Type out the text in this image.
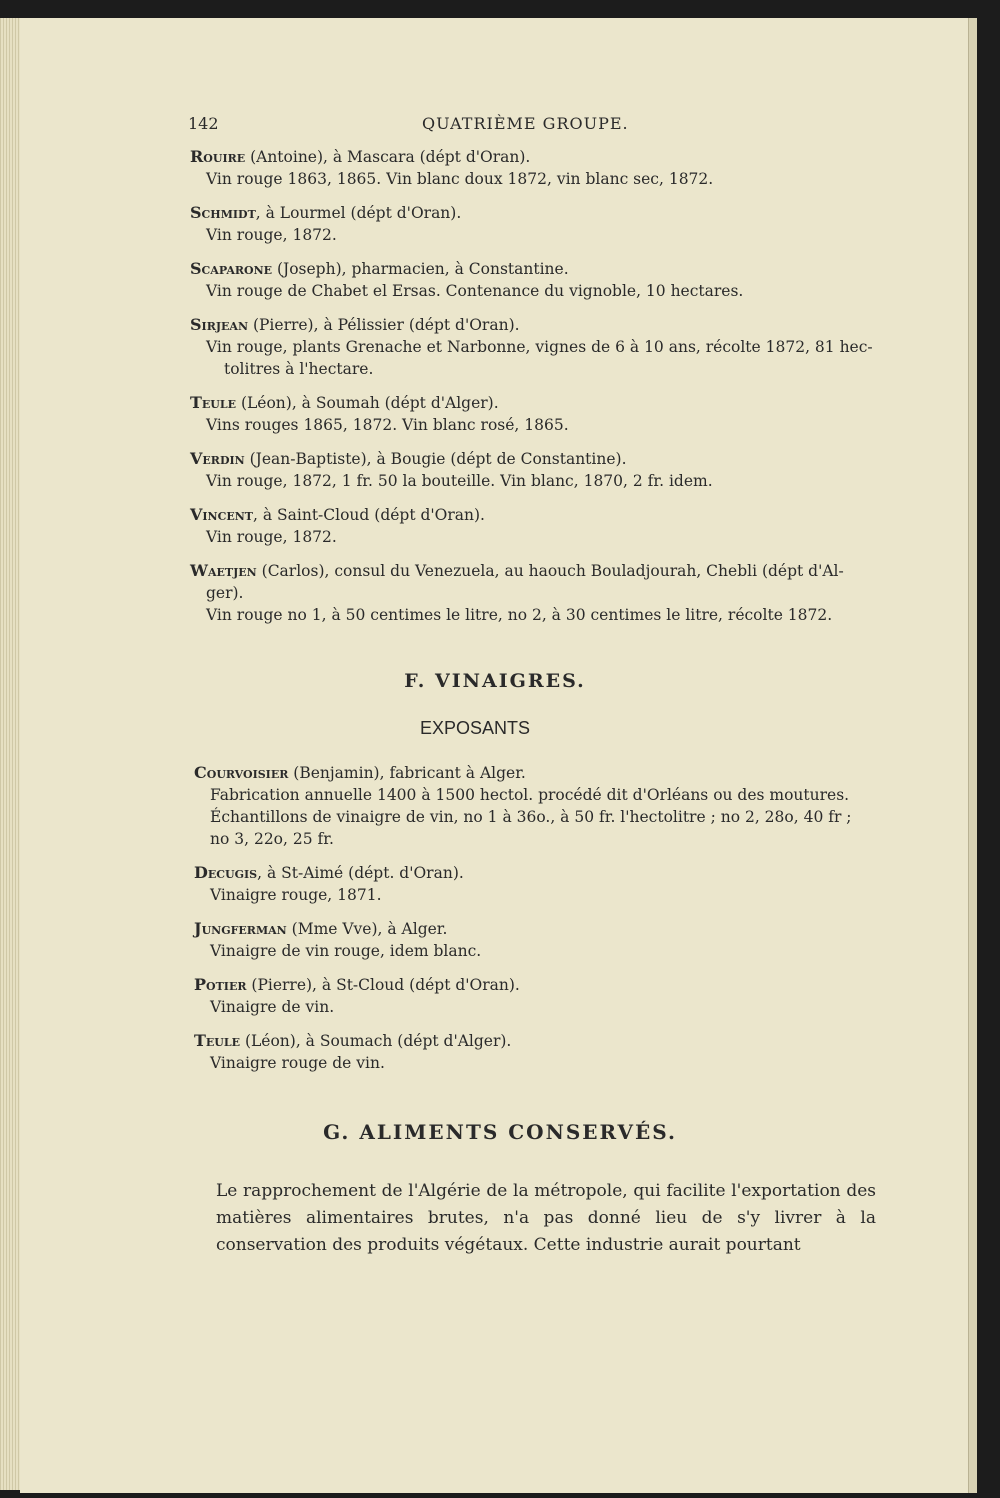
142	QUATRIÈME GROUPE.
Rouire (Antoine), à Mascara (dépt d'Oran).
Vin rouge 1863, 1865. Vin blanc doux 1872, vin blanc sec, 1872.
Schmidt, à Lourmel (dépt d'Oran).
Vin rouge, 1872.
Scaparone (Joseph), pharmacien, à Constantine.
Vin rouge de Chabet el Ersas. Contenance du vignoble, 10 hectares.
Sirjean (Pierre), à Pélissier (dépt d'Oran).
Vin rouge, plants Grenache et Narbonne, vignes de 6 à 10 ans, récolte 1872, 81 hec-
tolitres à l'hectare.
Teule (Léon), à Soumah (dépt d'Alger).
Vins rouges 1865, 1872. Vin blanc rosé, 1865.
Verdin (Jean-Baptiste), à Bougie (dépt de Constantine).
Vin rouge, 1872, 1 fr. 50 la bouteille. Vin blanc, 1870, 2 fr. idem.
Vincent, à Saint-Cloud (dépt d'Oran).
Vin rouge, 1872.
Waetjen (Carlos), consul du Venezuela, au haouch Bouladjourah, Chebli (dépt d'Al-
ger).
Vin rouge no 1, à 50 centimes le litre, no 2, à 30 centimes le litre, récolte 1872.
F. VINAIGRES.
EXPOSANTS
Courvoisier (Benjamin), fabricant à Alger.
Fabrication annuelle 1400 à 1500 hectol. procédé dit d'Orléans ou des moutures.
Échantillons de vinaigre de vin, no 1 à 36o., à 50 fr. l'hectolitre ; no 2, 28o, 40 fr ;
no 3, 22o, 25 fr.
Decugis, à St-Aimé (dépt. d'Oran).
Vinaigre rouge, 1871.
Jungferman (Mme Vve), à Alger.
Vinaigre de vin rouge, idem blanc.
Potier (Pierre), à St-Cloud (dépt d'Oran).
Vinaigre de vin.
Teule (Léon), à Soumach (dépt d'Alger).
Vinaigre rouge de vin.
G. ALIMENTS CONSERVÉS.
Le rapprochement de l'Algérie de la métropole, qui facilite l'exportation des matières alimentaires brutes, n'a pas donné lieu de s'y livrer à la conservation des produits végétaux. Cette industrie aurait pourtant
